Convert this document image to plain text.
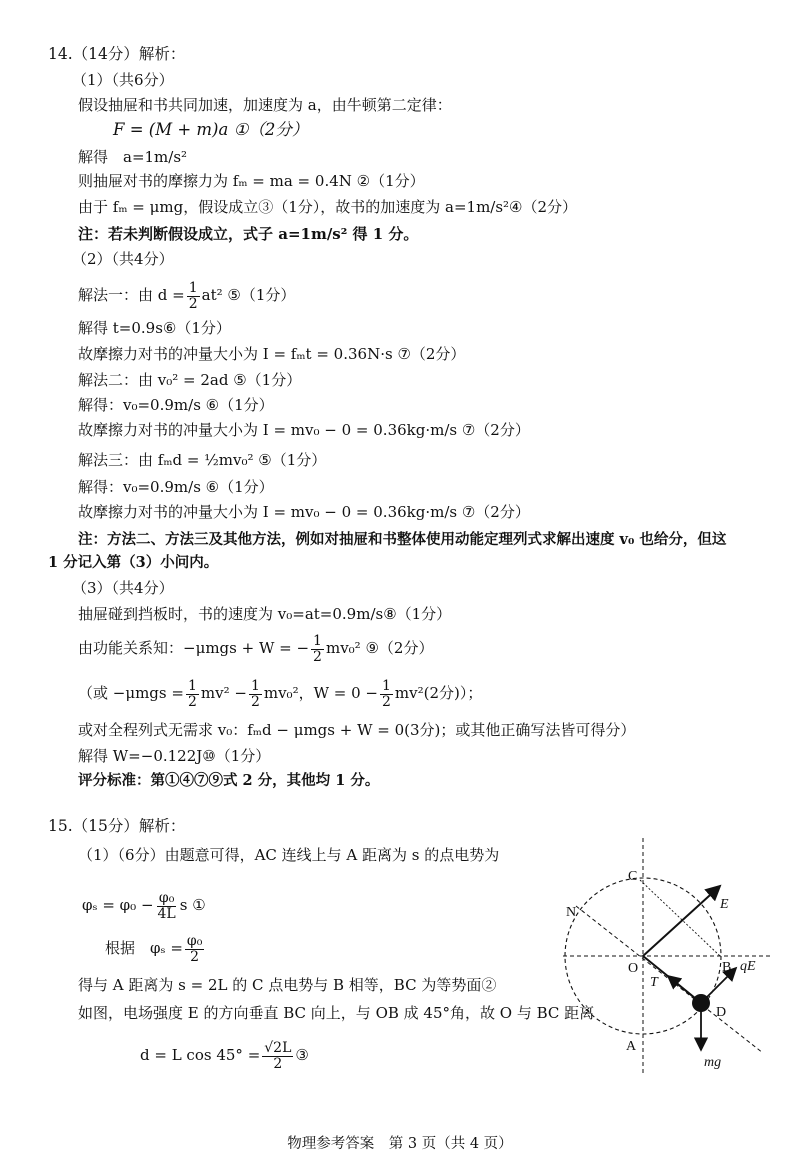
14.（14分）解析：
（1）（共6分）
假设抽屉和书共同加速，加速度为 a，由牛顿第二定律：
F = (M + m)a ①（2分）
解得　a=1m/s²
则抽屉对书的摩擦力为 fₘ = ma = 0.4N ②（1分）
由于 fₘ = μmg，假设成立③（1分），故书的加速度为 a=1m/s²④（2分）
注：若未判断假设成立，式子 a=1m/s² 得 1 分。
（2）（共4分）
解法一：由 $d = \frac{1}{2} at^2$ ⑤（1分）
解得 t=0.9s⑥（1分）
故摩擦力对书的冲量大小为 I = fₘt = 0.36N·s ⑦（2分）
解法二：由 v₀² = 2ad ⑤（1分）
解得：v₀=0.9m/s ⑥（1分）
故摩擦力对书的冲量大小为 I = mv₀ − 0 = 0.36kg·m/s ⑦（2分）
解法三：由 fₘd = ½mv₀² ⑤（1分）
解得：v₀=0.9m/s ⑥（1分）
故摩擦力对书的冲量大小为 I = mv₀ − 0 = 0.36kg·m/s ⑦（2分）
注：方法二、方法三及其他方法，例如对抽屉和书整体使用动能定理列式求解出速度 v₀ 也给分，但这
1 分记入第（3）小问内。
（3）（共4分）
抽屉碰到挡板时，书的速度为 v₀=at=0.9m/s⑧（1分）
由功能关系知：−μmgs + W = − $\frac{1}{2} mv_0^2$ ⑨（2分）
（或 $-\mu mgs = \frac{1}{2} mv^2 - \frac{1}{2} mv_0^2$，$W = 0 - \frac{1}{2} mv^2(2$分)）；
或对全程列式无需求 v₀：fₘd − μmgs + W = 0(3分)；或其他正确写法皆可得分）
解得 W=−0.122J⑩（1分）
评分标准：第①④⑦⑨式 2 分，其他均 1 分。
15.（15分）解析：
（1）（6分）由题意可得，AC 连线上与 A 距离为 s 的点电势为
$\varphi_s = \varphi_0 - \frac{\text{φ₀}}{4L}$ s ①
根据　$\varphi_s = \frac{\text{φ₀}}{2}$
得与 A 距离为 s = 2L 的 C 点电势与 B 相等，BC 为等势面②
如图，电场强度 E 的方向垂直 BC 向上，与 OB 成 45°角，故 O 与 BC 距离
d = L $\cos 45^\circ = \frac{√2L}{2}$ ③
C
N
E
O	B qE
T
D
A
mg
物理参考答案　第 3 页（共 4 页）
